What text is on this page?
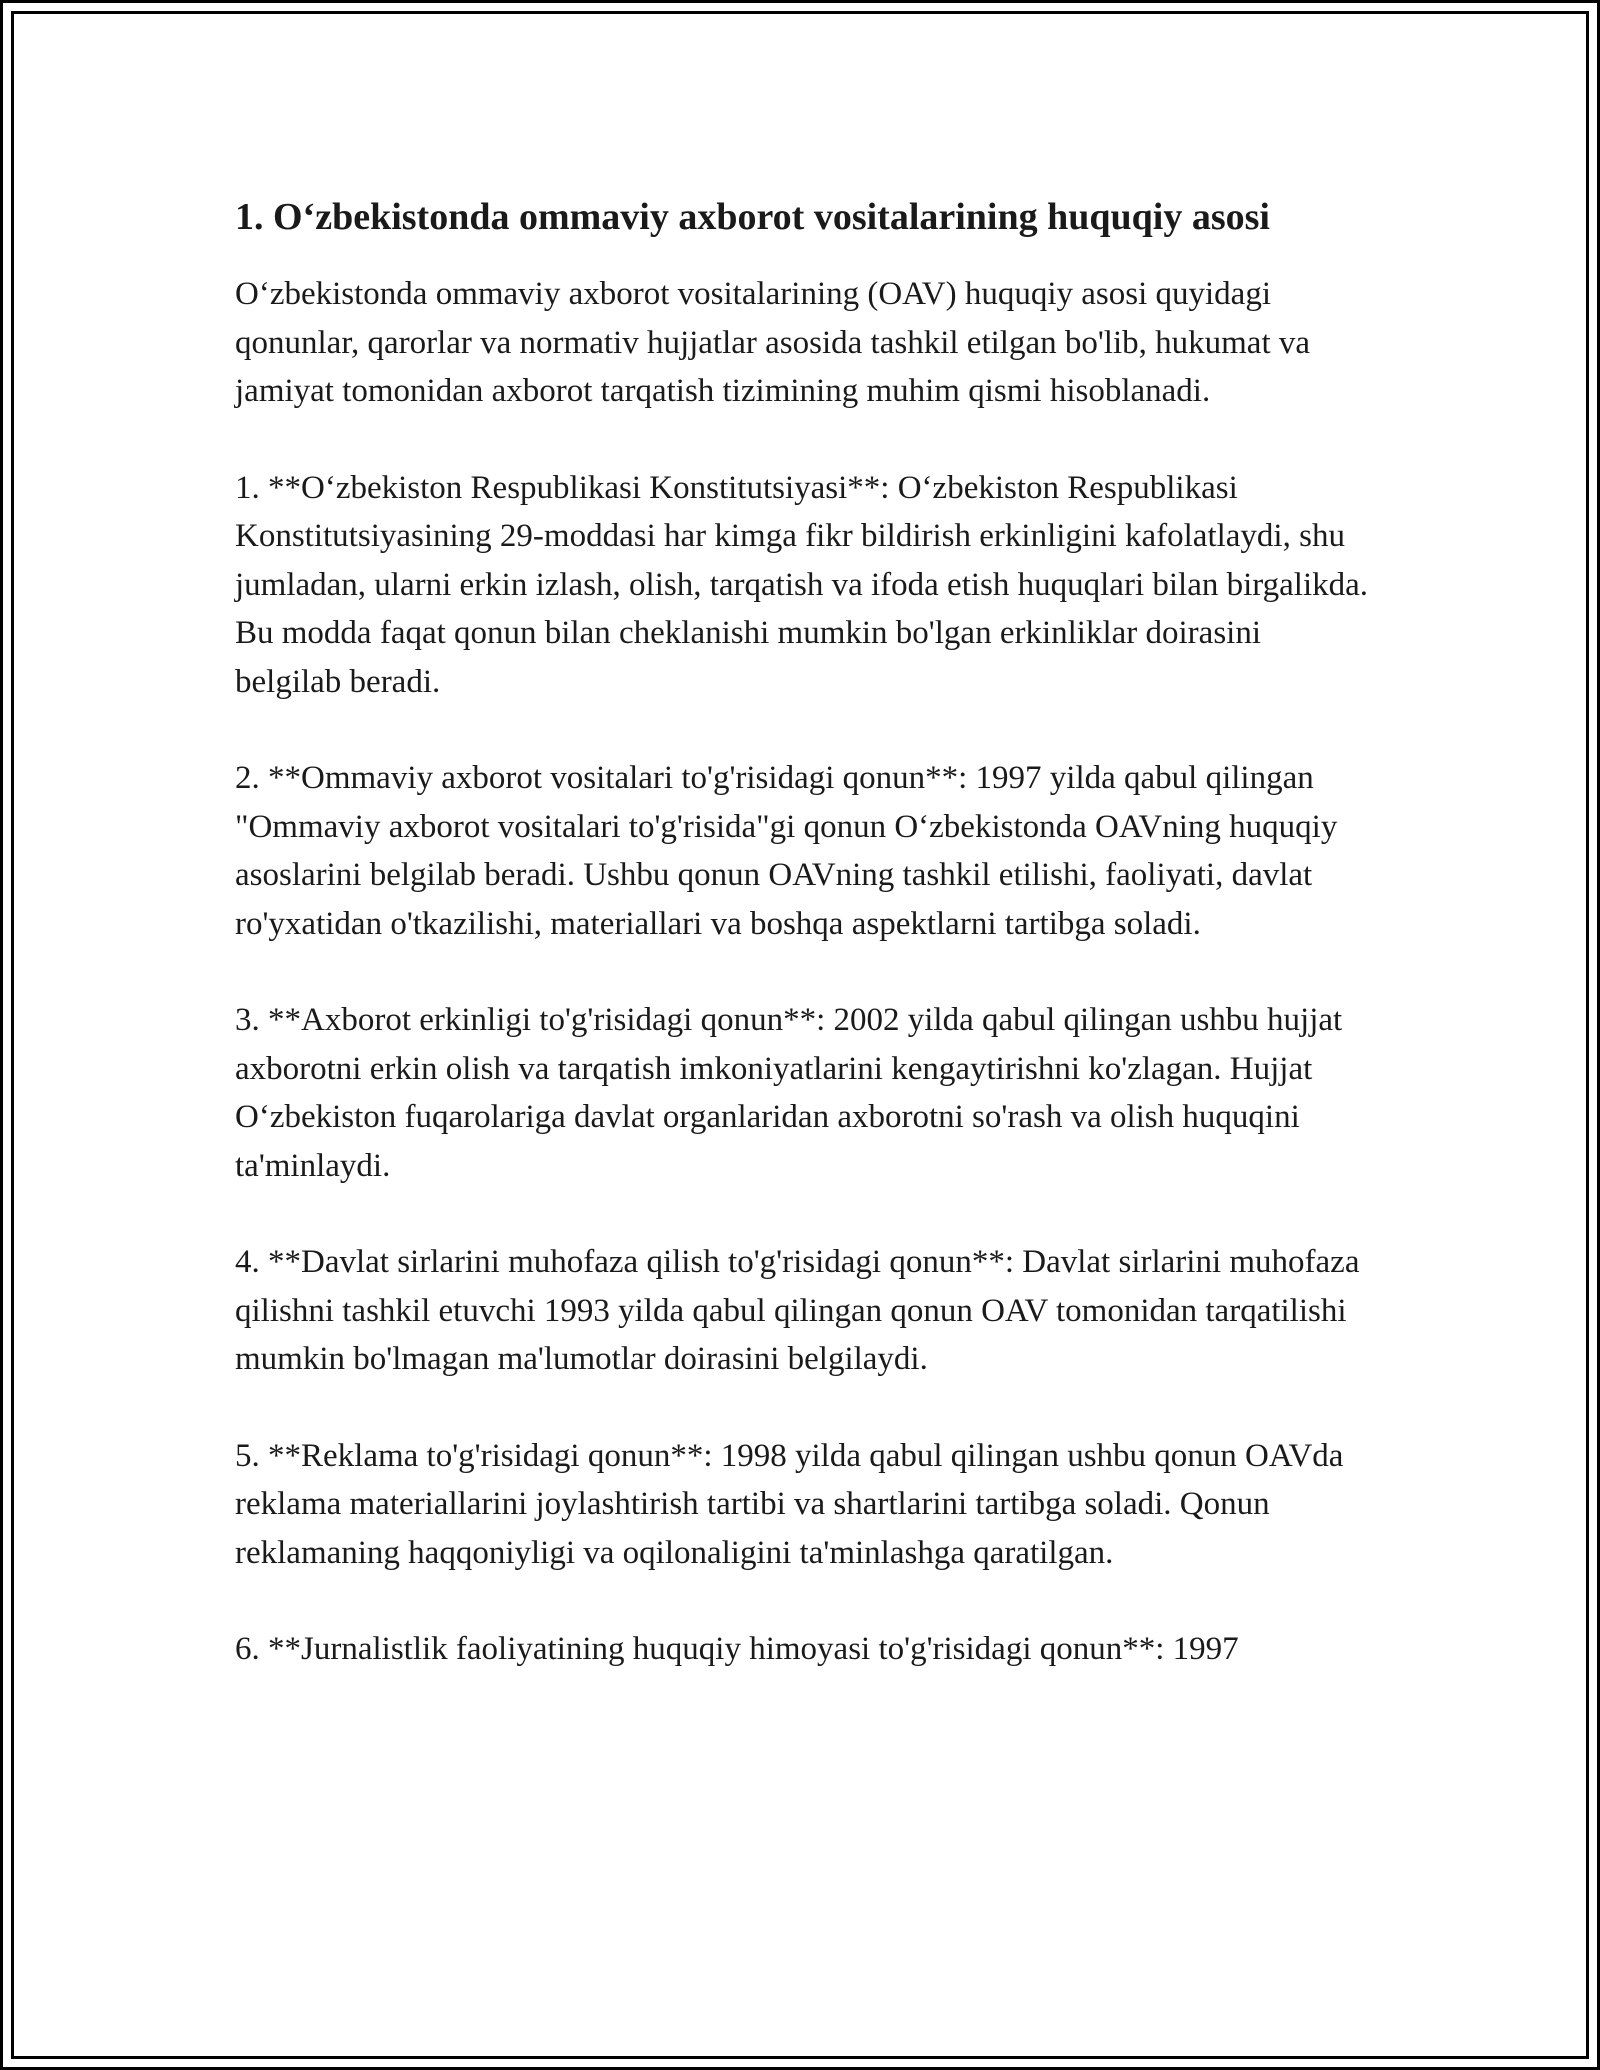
1. Oʻzbekistonda ommaviy axborot vositalarining huquqiy asosi

Oʻzbekistonda ommaviy axborot vositalarining (OAV) huquqiy asosi quyidagi qonunlar, qarorlar va normativ hujjatlar asosida tashkil etilgan bo'lib, hukumat va jamiyat tomonidan axborot tarqatish tizimining muhim qismi hisoblanadi.

1. **Oʻzbekiston Respublikasi Konstitutsiyasi**: Oʻzbekiston Respublikasi Konstitutsiyasining 29-moddasi har kimga fikr bildirish erkinligini kafolatlaydi, shu jumladan, ularni erkin izlash, olish, tarqatish va ifoda etish huquqlari bilan birgalikda. Bu modda faqat qonun bilan cheklanishi mumkin bo'lgan erkinliklar doirasini belgilab beradi.

2. **Ommaviy axborot vositalari to'g'risidagi qonun**: 1997 yilda qabul qilingan "Ommaviy axborot vositalari to'g'risida"gi qonun Oʻzbekistonda OAVning huquqiy asoslarini belgilab beradi. Ushbu qonun OAVning tashkil etilishi, faoliyati, davlat ro'yxatidan o'tkazilishi, materiallari va boshqa aspektlarni tartibga soladi.

3. **Axborot erkinligi to'g'risidagi qonun**: 2002 yilda qabul qilingan ushbu hujjat axborotni erkin olish va tarqatish imkoniyatlarini kengaytirishni ko'zlagan. Hujjat Oʻzbekiston fuqarolariga davlat organlaridan axborotni so'rash va olish huquqini ta'minlaydi.

4. **Davlat sirlarini muhofaza qilish to'g'risidagi qonun**: Davlat sirlarini muhofaza qilishni tashkil etuvchi 1993 yilda qabul qilingan qonun OAV tomonidan tarqatilishi mumkin bo'lmagan ma'lumotlar doirasini belgilaydi.

5. **Reklama to'g'risidagi qonun**: 1998 yilda qabul qilingan ushbu qonun OAVda reklama materiallarini joylashtirish tartibi va shartlarini tartibga soladi. Qonun reklamaning haqqoniyligi va oqilonaligini ta'minlashga qaratilgan.

6. **Jurnalistlik faoliyatining huquqiy himoyasi to'g'risidagi qonun**: 1997
